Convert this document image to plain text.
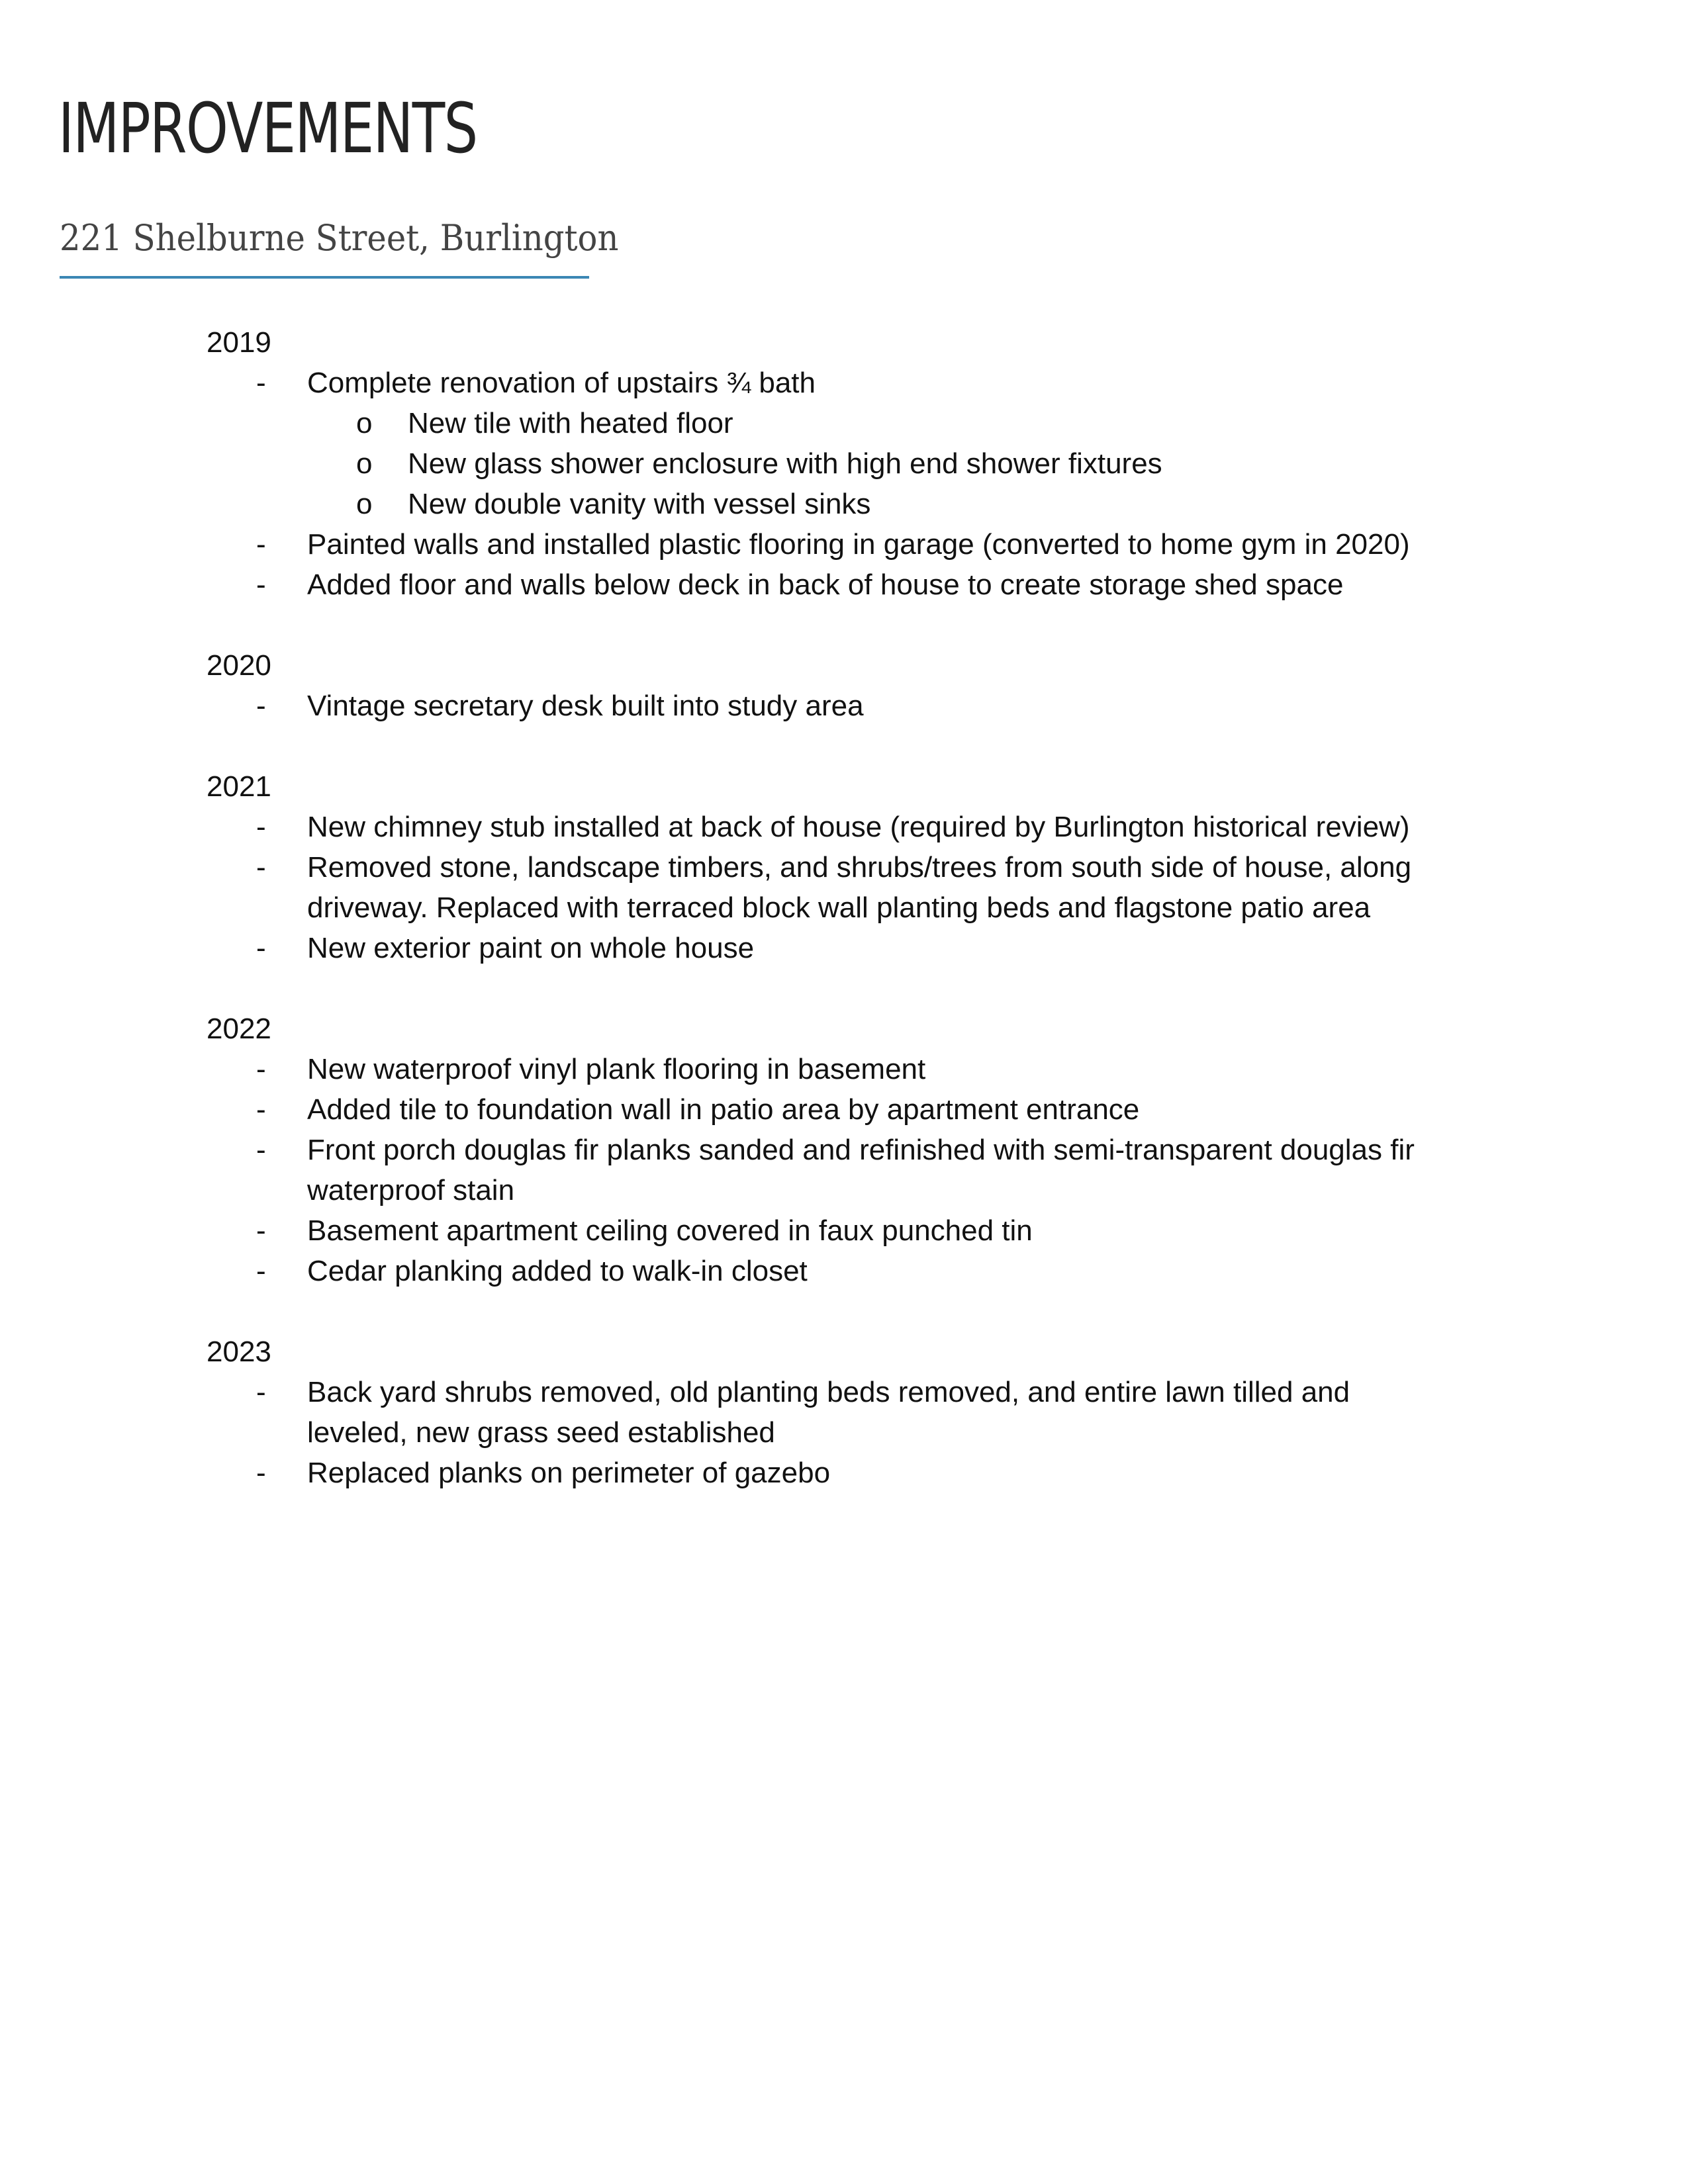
IMPROVEMENTS
221 Shelburne Street, Burlington
2019
- Complete renovation of upstairs ¾ bath
o New tile with heated floor
o New glass shower enclosure with high end shower fixtures
o New double vanity with vessel sinks
- Painted walls and installed plastic flooring in garage (converted to home gym in 2020)
- Added floor and walls below deck in back of house to create storage shed space
2020
- Vintage secretary desk built into study area
2021
- New chimney stub installed at back of house (required by Burlington historical review)
- Removed stone, landscape timbers, and shrubs/trees from south side of house, along
driveway. Replaced with terraced block wall planting beds and flagstone patio area
- New exterior paint on whole house
2022
- New waterproof vinyl plank flooring in basement
- Added tile to foundation wall in patio area by apartment entrance
- Front porch douglas fir planks sanded and refinished with semi-transparent douglas fir
waterproof stain
- Basement apartment ceiling covered in faux punched tin
- Cedar planking added to walk-in closet
2023
- Back yard shrubs removed, old planting beds removed, and entire lawn tilled and
leveled, new grass seed established
- Replaced planks on perimeter of gazebo
